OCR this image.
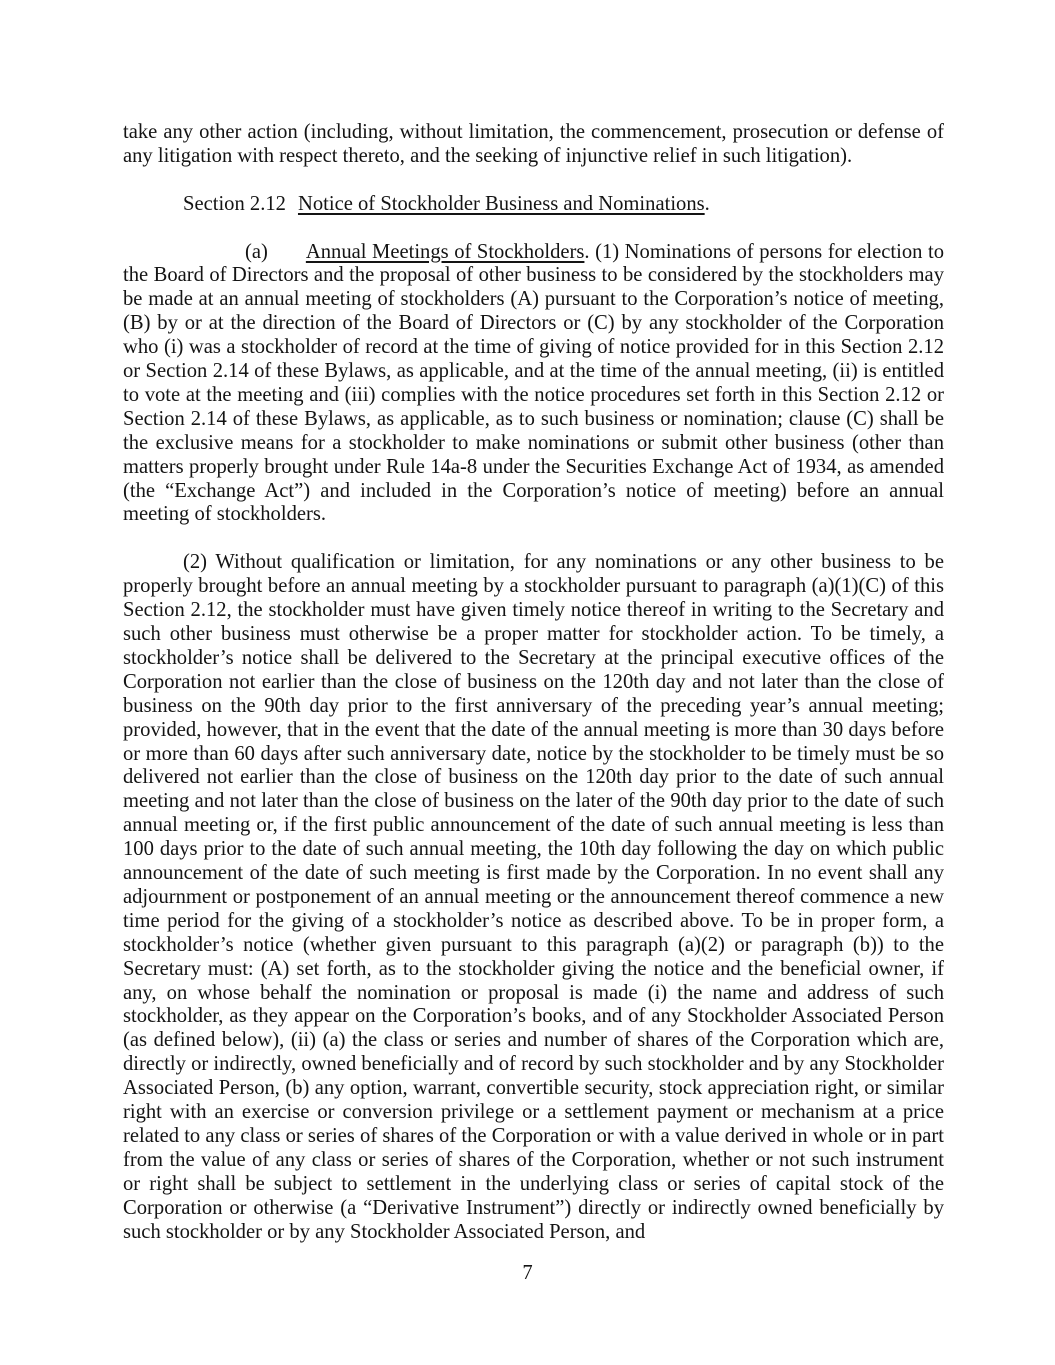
take any other action (including, without limitation, the commencement, prosecution or defense of any litigation with respect thereto, and the seeking of injunctive relief in such litigation).

Section 2.12 Notice of Stockholder Business and Nominations.

(a) Annual Meetings of Stockholders. (1) Nominations of persons for election to the Board of Directors and the proposal of other business to be considered by the stockholders may be made at an annual meeting of stockholders (A) pursuant to the Corporation’s notice of meeting, (B) by or at the direction of the Board of Directors or (C) by any stockholder of the Corporation who (i) was a stockholder of record at the time of giving of notice provided for in this Section 2.12 or Section 2.14 of these Bylaws, as applicable, and at the time of the annual meeting, (ii) is entitled to vote at the meeting and (iii) complies with the notice procedures set forth in this Section 2.12 or Section 2.14 of these Bylaws, as applicable, as to such business or nomination; clause (C) shall be the exclusive means for a stockholder to make nominations or submit other business (other than matters properly brought under Rule 14a-8 under the Securities Exchange Act of 1934, as amended (the “Exchange Act”) and included in the Corporation’s notice of meeting) before an annual meeting of stockholders.

(2) Without qualification or limitation, for any nominations or any other business to be properly brought before an annual meeting by a stockholder pursuant to paragraph (a)(1)(C) of this Section 2.12, the stockholder must have given timely notice thereof in writing to the Secretary and such other business must otherwise be a proper matter for stockholder action. To be timely, a stockholder’s notice shall be delivered to the Secretary at the principal executive offices of the Corporation not earlier than the close of business on the 120th day and not later than the close of business on the 90th day prior to the first anniversary of the preceding year’s annual meeting; provided, however, that in the event that the date of the annual meeting is more than 30 days before or more than 60 days after such anniversary date, notice by the stockholder to be timely must be so delivered not earlier than the close of business on the 120th day prior to the date of such annual meeting and not later than the close of business on the later of the 90th day prior to the date of such annual meeting or, if the first public announcement of the date of such annual meeting is less than 100 days prior to the date of such annual meeting, the 10th day following the day on which public announcement of the date of such meeting is first made by the Corporation. In no event shall any adjournment or postponement of an annual meeting or the announcement thereof commence a new time period for the giving of a stockholder’s notice as described above. To be in proper form, a stockholder’s notice (whether given pursuant to this paragraph (a)(2) or paragraph (b)) to the Secretary must: (A) set forth, as to the stockholder giving the notice and the beneficial owner, if any, on whose behalf the nomination or proposal is made (i) the name and address of such stockholder, as they appear on the Corporation’s books, and of any Stockholder Associated Person (as defined below), (ii) (a) the class or series and number of shares of the Corporation which are, directly or indirectly, owned beneficially and of record by such stockholder and by any Stockholder Associated Person, (b) any option, warrant, convertible security, stock appreciation right, or similar right with an exercise or conversion privilege or a settlement payment or mechanism at a price related to any class or series of shares of the Corporation or with a value derived in whole or in part from the value of any class or series of shares of the Corporation, whether or not such instrument or right shall be subject to settlement in the underlying class or series of capital stock of the Corporation or otherwise (a “Derivative Instrument”) directly or indirectly owned beneficially by such stockholder or by any Stockholder Associated Person, and

7
